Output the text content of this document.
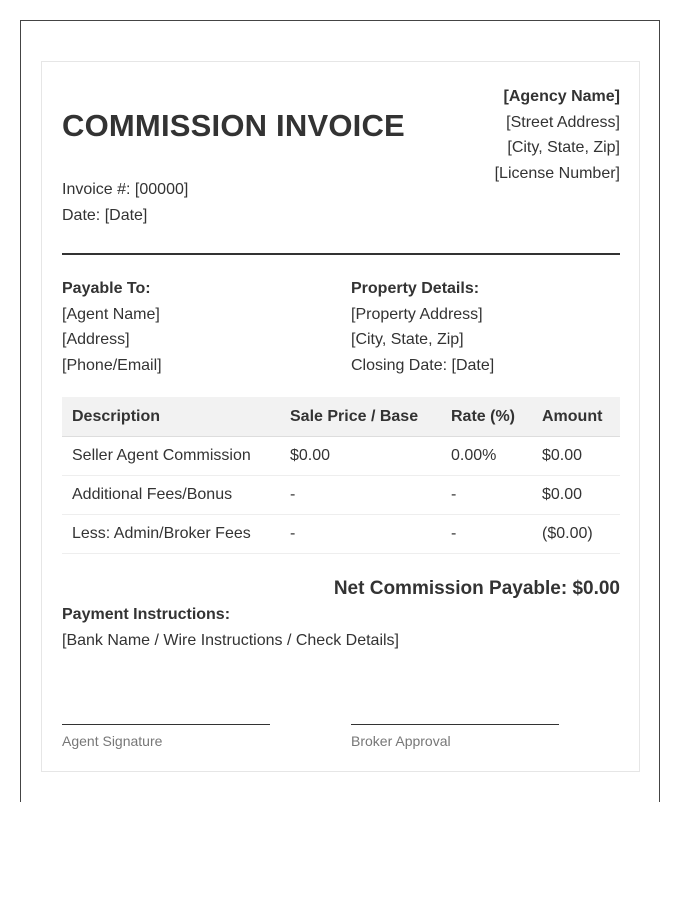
COMMISSION INVOICE
[Agency Name]
[Street Address]
[City, State, Zip]
[License Number]
Invoice #: [00000]
Date: [Date]
Payable To:
[Agent Name]
[Address]
[Phone/Email]
Property Details:
[Property Address]
[City, State, Zip]
Closing Date: [Date]
Description	Sale Price / Base	Rate (%)	Amount
Seller Agent Commission	$0.00	0.00%	$0.00
Additional Fees/Bonus	-	-	$0.00
Less: Admin/Broker Fees	-	-	($0.00)
Net Commission Payable: $0.00
Payment Instructions:
[Bank Name / Wire Instructions / Check Details]
Agent Signature	Broker Approval
